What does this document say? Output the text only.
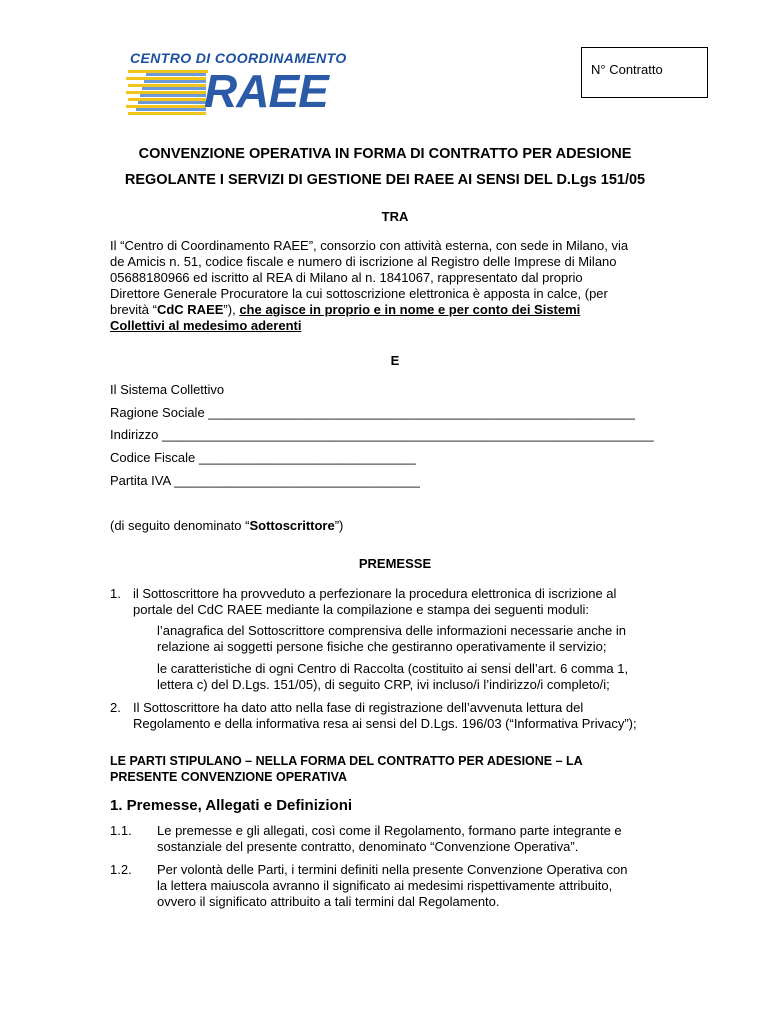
CENTRO DI COORDINAMENTO
RAEE	N° Contratto
CONVENZIONE OPERATIVA IN FORMA DI CONTRATTO PER ADESIONE
REGOLANTE I SERVIZI DI GESTIONE DEI RAEE AI SENSI DEL D.Lgs 151/05
TRA
Il “Centro di Coordinamento RAEE”, consorzio con attività esterna, con sede in Milano, via
de Amicis n. 51, codice fiscale e numero di iscrizione al Registro delle Imprese di Milano
05688180966 ed iscritto al REA di Milano al n. 1841067, rappresentato dal proprio
Direttore Generale Procuratore la cui sottoscrizione elettronica è apposta in calce, (per
brevità “CdC RAEE”), che agisce in proprio e in nome e per conto dei Sistemi
Collettivi al medesimo aderenti
E
Il Sistema Collettivo
Ragione Sociale ___________________________________________________________
Indirizzo ____________________________________________________________________
Codice Fiscale ______________________________
Partita IVA __________________________________
(di seguito denominato “Sottoscrittore”)
PREMESSE
1. il Sottoscrittore ha provveduto a perfezionare la procedura elettronica di iscrizione al
portale del CdC RAEE mediante la compilazione e stampa dei seguenti moduli:
l’anagrafica del Sottoscrittore comprensiva delle informazioni necessarie anche in
relazione ai soggetti persone fisiche che gestiranno operativamente il servizio;
le caratteristiche di ogni Centro di Raccolta (costituito ai sensi dell’art. 6 comma 1,
lettera c) del D.Lgs. 151/05), di seguito CRP, ivi incluso/i l’indirizzo/i completo/i;
2. Il Sottoscrittore ha dato atto nella fase di registrazione dell’avvenuta lettura del
Regolamento e della informativa resa ai sensi del D.Lgs. 196/03 (“Informativa Privacy”);
LE PARTI STIPULANO – NELLA FORMA DEL CONTRATTO PER ADESIONE – LA
PRESENTE CONVENZIONE OPERATIVA
1. Premesse, Allegati e Definizioni
1.1. Le premesse e gli allegati, così come il Regolamento, formano parte integrante e
sostanziale del presente contratto, denominato “Convenzione Operativa”.
1.2. Per volontà delle Parti, i termini definiti nella presente Convenzione Operativa con
la lettera maiuscola avranno il significato ai medesimi rispettivamente attribuito,
ovvero il significato attribuito a tali termini dal Regolamento.
